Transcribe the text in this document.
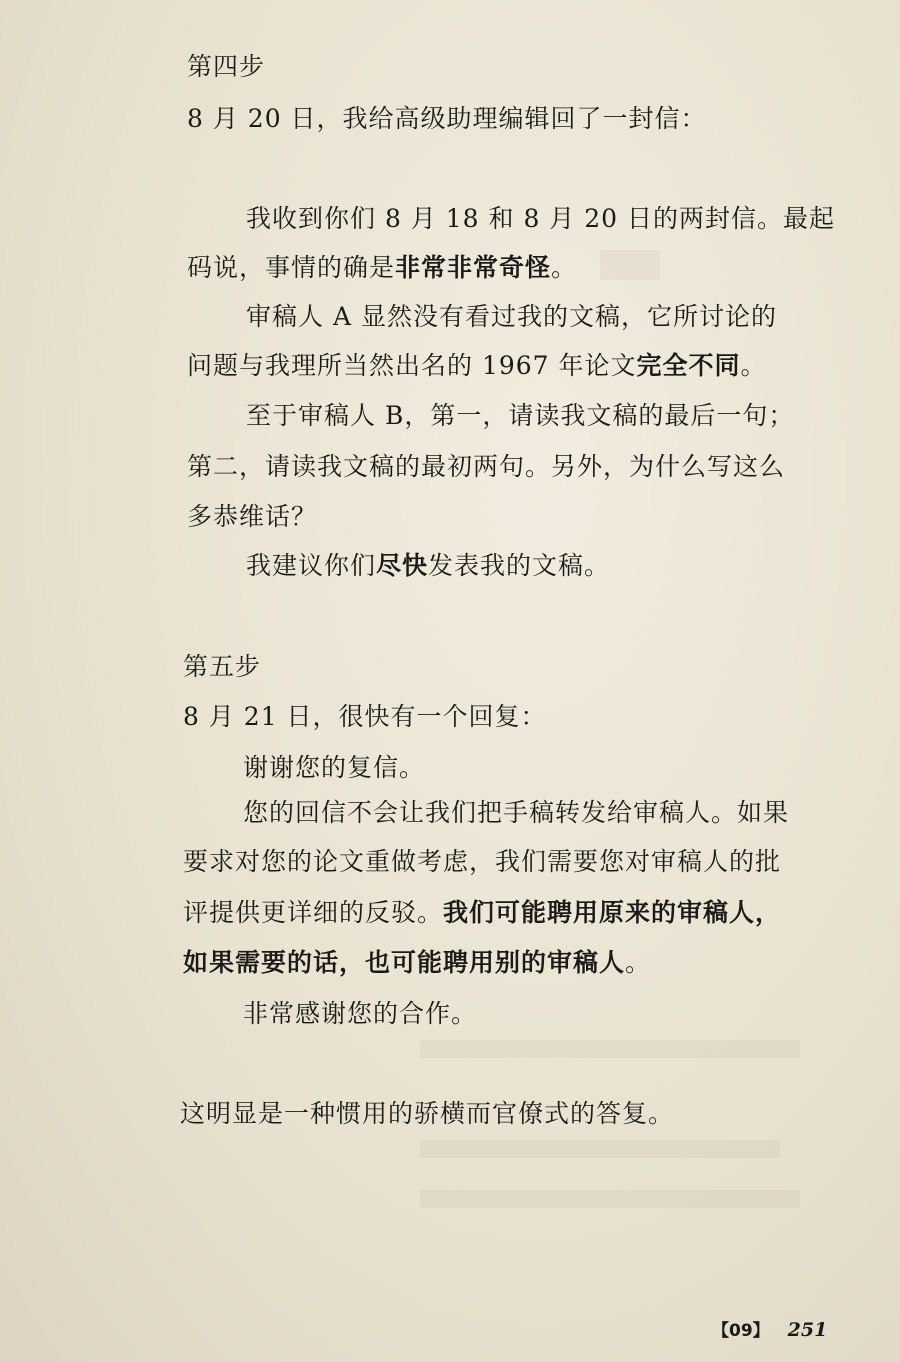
第四步
8 月 20 日，我给高级助理编辑回了一封信：
我收到你们 8 月 18 和 8 月 20 日的两封信。最起
码说，事情的确是非常非常奇怪。
审稿人 A 显然没有看过我的文稿，它所讨论的
问题与我理所当然出名的 1967 年论文完全不同。
至于审稿人 B，第一，请读我文稿的最后一句；
第二，请读我文稿的最初两句。另外，为什么写这么
多恭维话？
我建议你们尽快发表我的文稿。
第五步
8 月 21 日，很快有一个回复：
谢谢您的复信。
您的回信不会让我们把手稿转发给审稿人。如果
要求对您的论文重做考虑，我们需要您对审稿人的批
评提供更详细的反驳。我们可能聘用原来的审稿人，
如果需要的话，也可能聘用别的审稿人。
非常感谢您的合作。
这明显是一种惯用的骄横而官僚式的答复。
【09】 251
